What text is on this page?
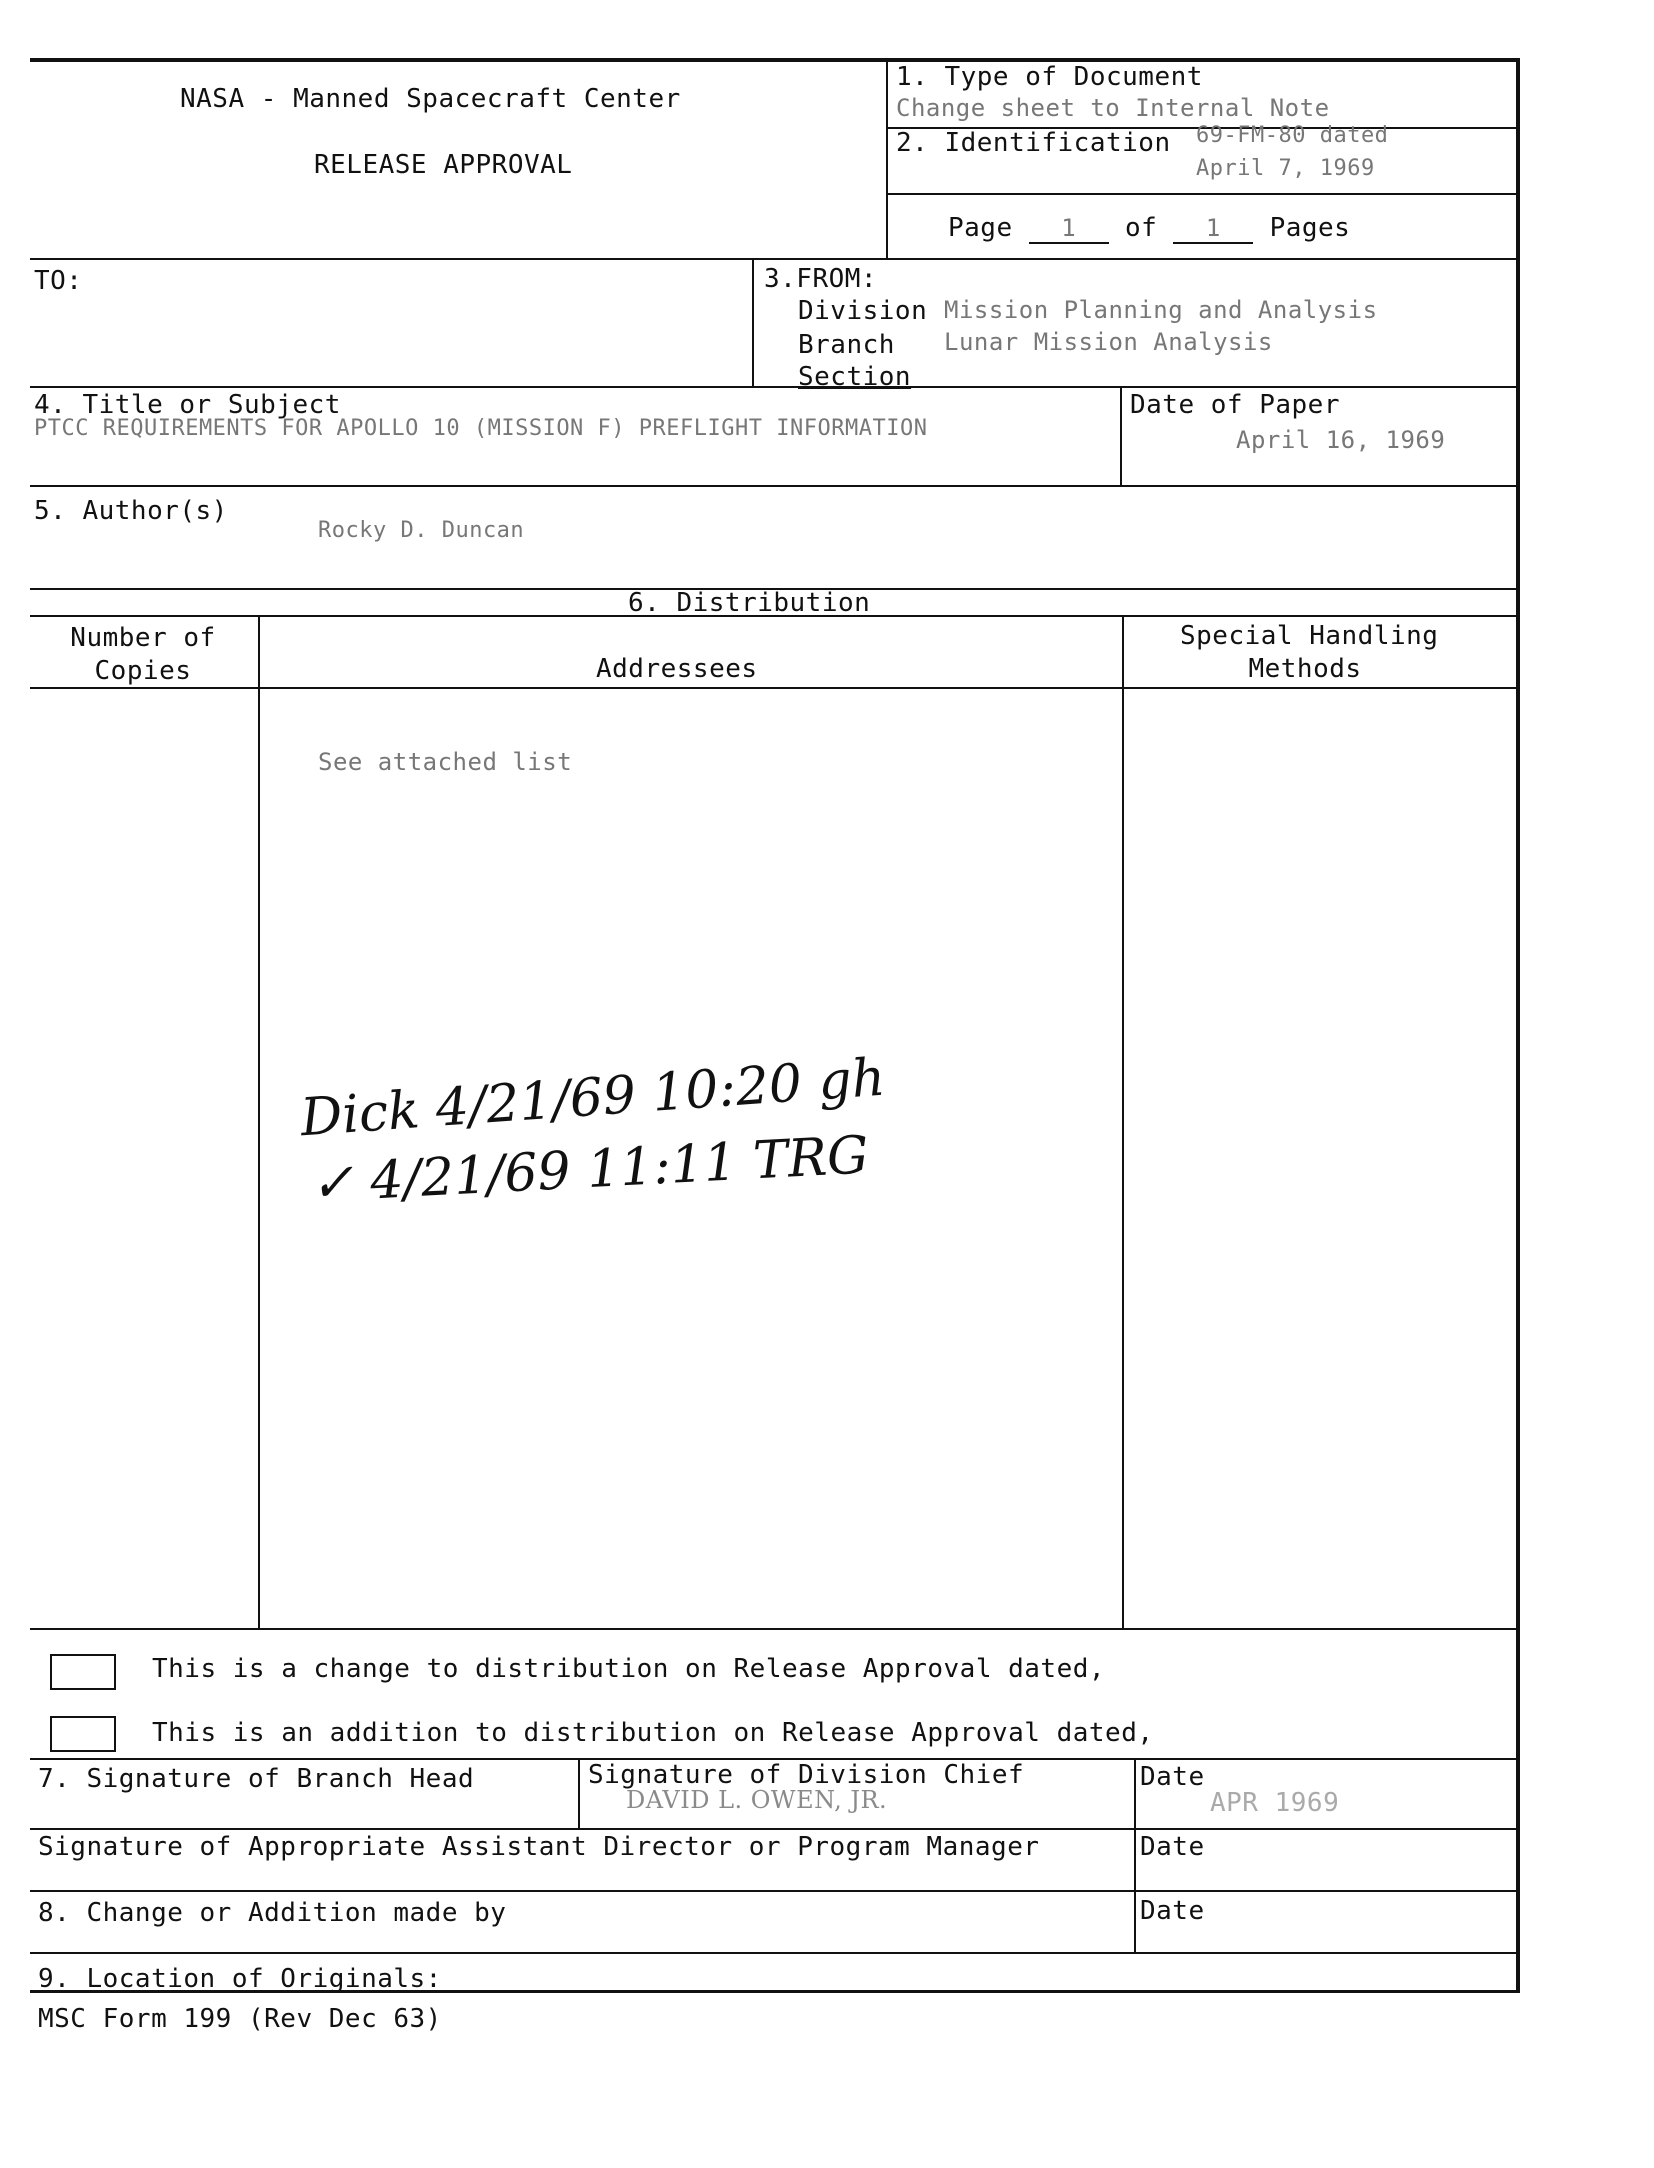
NASA - Manned Spacecraft Center
RELEASE APPROVAL
1. Type of Document
Change sheet to Internal Note
2. Identification 69-FM-80 dated
April 7, 1969
Page 1 of 1 Pages
TO:	3.FROM:
Division Mission Planning and Analysis
Branch Lunar Mission Analysis
Section
4. Title or Subject
PTCC REQUIREMENTS FOR APOLLO 10 (MISSION F) PREFLIGHT INFORMATION
Date of Paper
April 16, 1969
5. Author(s)
Rocky D. Duncan
6. Distribution
Number of
Copies	Addressees
Special Handling
Methods
See attached list
Dick 4/21/69 10:20 gh
✓ 4/21/69 11:11 TRG
This is a change to distribution on Release Approval dated,
This is an addition to distribution on Release Approval dated,
7. Signature of Branch Head	Signature of Division Chief
DAVID L. OWEN, JR.
Date
APR 1969
Signature of Appropriate Assistant Director or Program Manager	Date
8. Change or Addition made by	Date
9. Location of Originals:
MSC Form 199 (Rev Dec 63)
